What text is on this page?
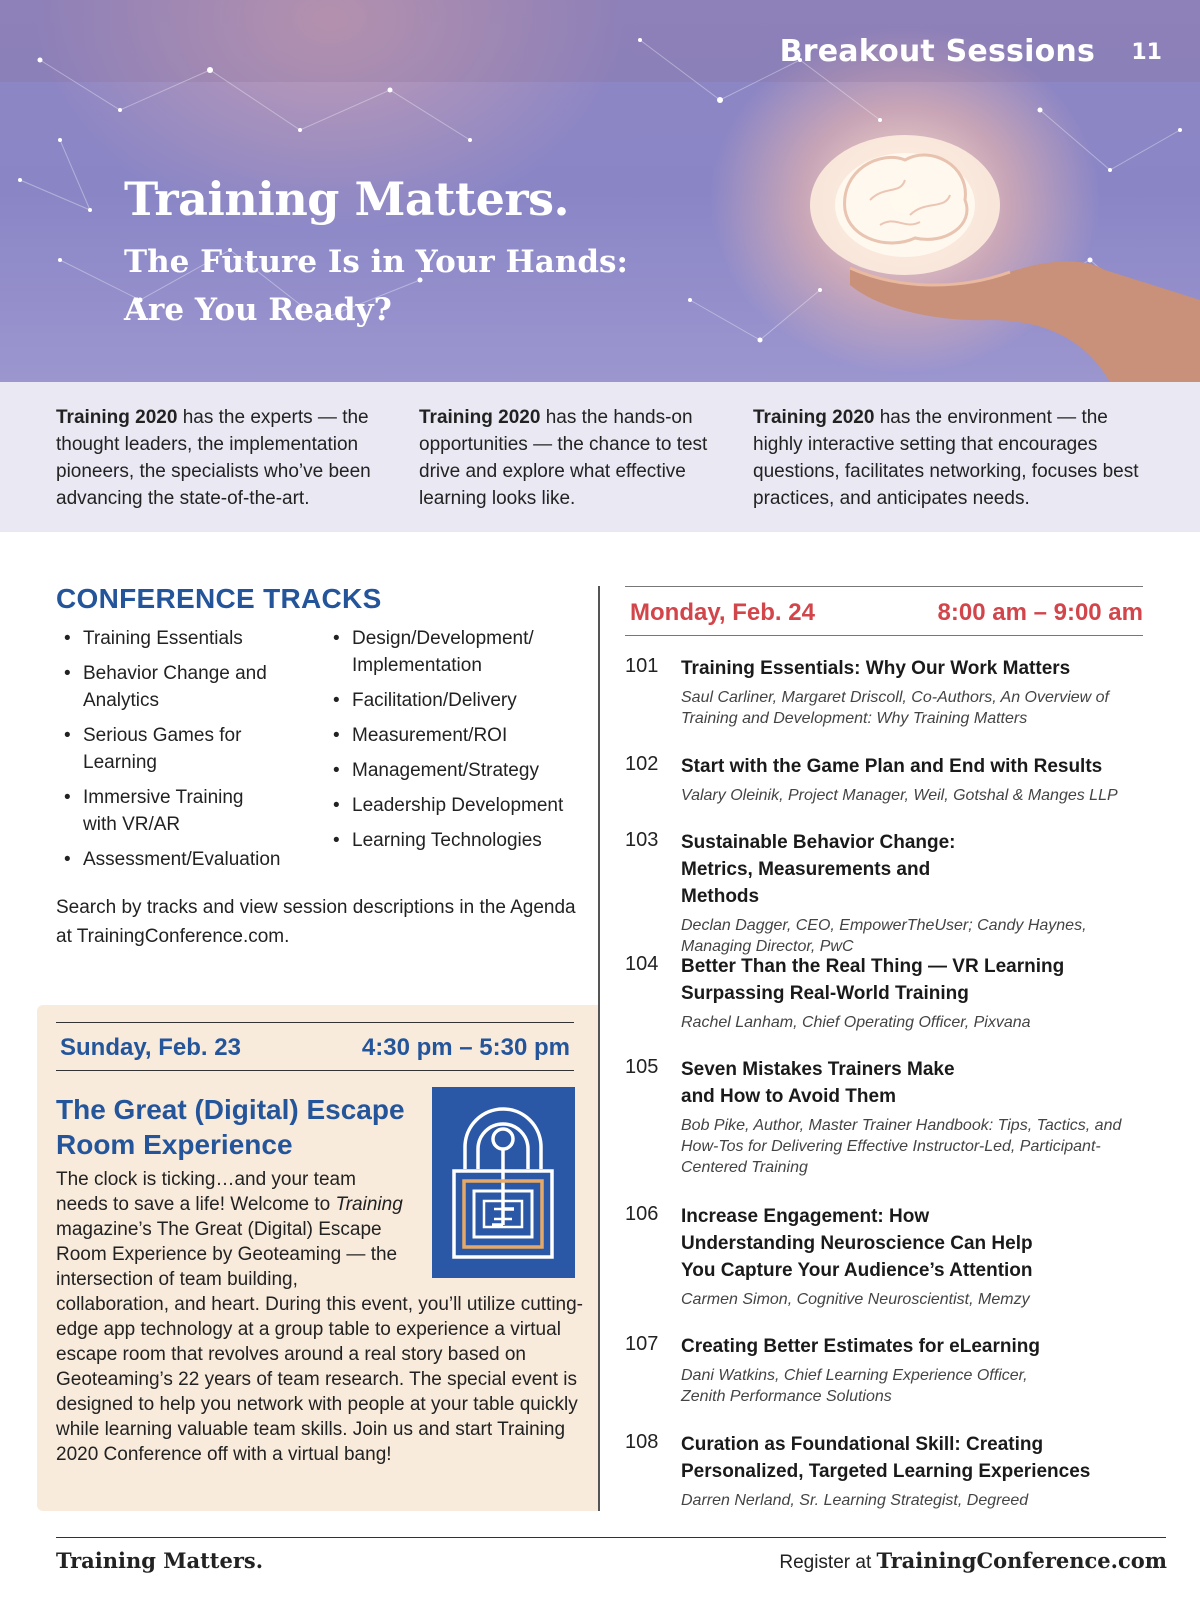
Breakout Sessions 11
Training Matters.
The Future Is in Your Hands: Are You Ready?
Training 2020 has the experts — the thought leaders, the implementation pioneers, the specialists who’ve been advancing the state-of-the-art.
Training 2020 has the hands-on opportunities — the chance to test drive and explore what effective learning looks like.
Training 2020 has the environment — the highly interactive setting that encourages questions, facilitates networking, focuses best practices, and anticipates needs.
CONFERENCE TRACKS
• Training Essentials
• Behavior Change and Analytics
• Serious Games for Learning
• Immersive Training with VR/AR
• Assessment/Evaluation
• Design/Development/ Implementation
• Facilitation/Delivery
• Measurement/ROI
• Management/Strategy
• Leadership Development
• Learning Technologies
Search by tracks and view session descriptions in the Agenda at TrainingConference.com.
Sunday, Feb. 23	4:30 pm – 5:30 pm
The Great (Digital) Escape Room Experience
The clock is ticking…and your team needs to save a life! Welcome to Training magazine’s The Great (Digital) Escape Room Experience by Geoteaming — the intersection of team building, collaboration, and heart. During this event, you’ll utilize cutting-edge app technology at a group table to experience a virtual escape room that revolves around a real story based on Geoteaming’s 22 years of team research. The special event is designed to help you network with people at your table quickly while learning valuable team skills. Join us and start Training 2020 Conference off with a virtual bang!
Monday, Feb. 24	8:00 am – 9:00 am
101 Training Essentials: Why Our Work Matters
Saul Carliner, Margaret Driscoll, Co-Authors, An Overview of Training and Development: Why Training Matters
102 Start with the Game Plan and End with Results
Valary Oleinik, Project Manager, Weil, Gotshal & Manges LLP
103 Sustainable Behavior Change: Metrics, Measurements and Methods
Declan Dagger, CEO, EmpowerTheUser; Candy Haynes, Managing Director, PwC
104 Better Than the Real Thing — VR Learning Surpassing Real-World Training
Rachel Lanham, Chief Operating Officer, Pixvana
105 Seven Mistakes Trainers Make and How to Avoid Them
Bob Pike, Author, Master Trainer Handbook: Tips, Tactics, and How-Tos for Delivering Effective Instructor-Led, Participant-Centered Training
106 Increase Engagement: How Understanding Neuroscience Can Help You Capture Your Audience’s Attention
Carmen Simon, Cognitive Neuroscientist, Memzy
107 Creating Better Estimates for eLearning
Dani Watkins, Chief Learning Experience Officer, Zenith Performance Solutions
108 Curation as Foundational Skill: Creating Personalized, Targeted Learning Experiences
Darren Nerland, Sr. Learning Strategist, Degreed
Training Matters.	Register at TrainingConference.com
